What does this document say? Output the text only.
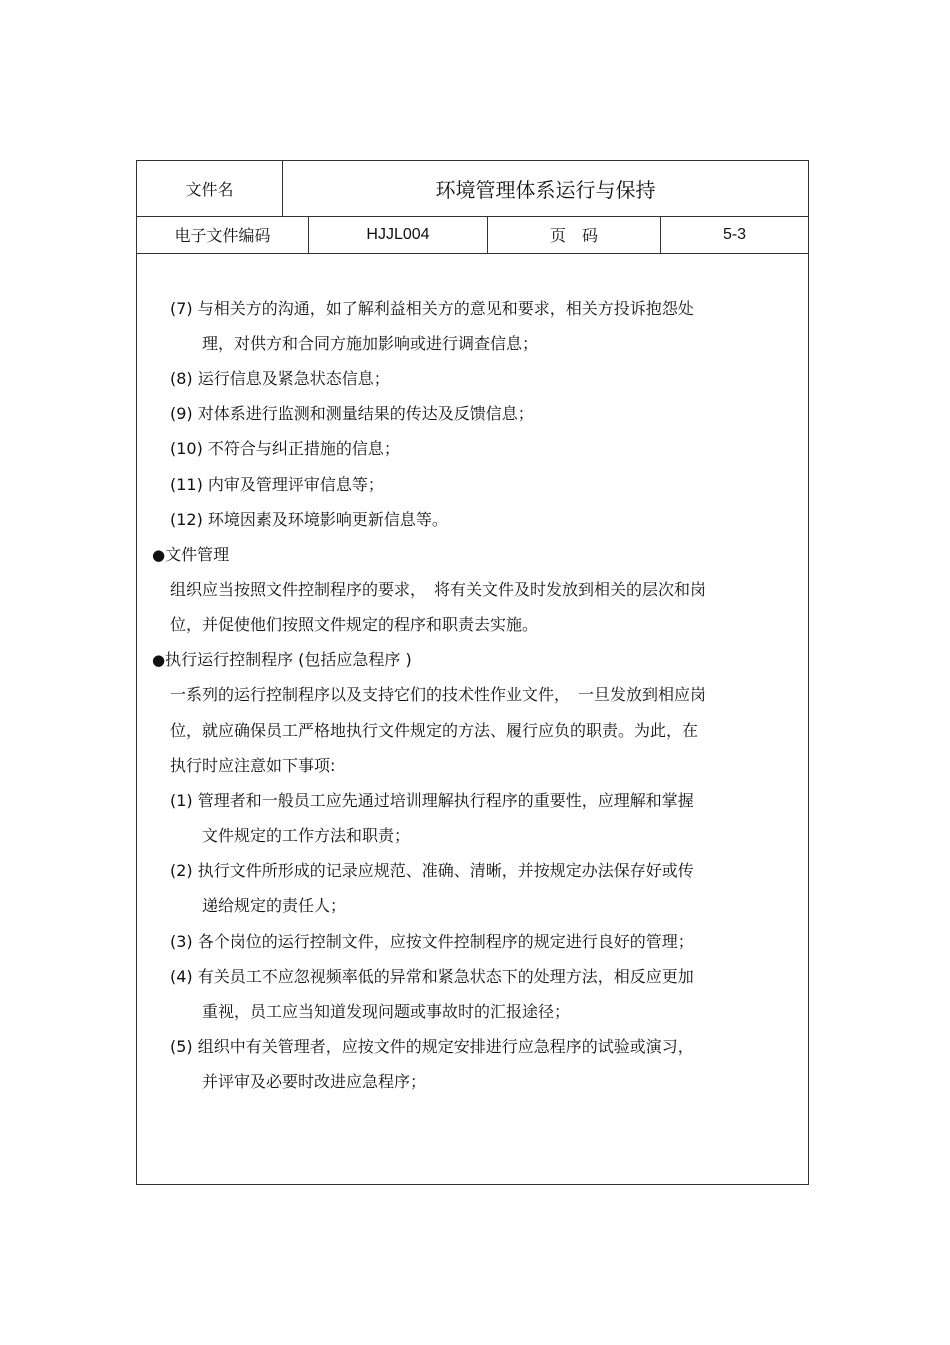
文件名	环境管理体系运行与保持
电子文件编码	HJJL004	页　码	5-3
(7) 与相关方的沟通，如了解利益相关方的意见和要求，相关方投诉抱怨处
理，对供方和合同方施加影响或进行调查信息；
(8) 运行信息及紧急状态信息；
(9) 对体系进行监测和测量结果的传达及反馈信息；
(10) 不符合与纠正措施的信息；
(11) 内审及管理评审信息等；
(12) 环境因素及环境影响更新信息等。
●文件管理
组织应当按照文件控制程序的要求，　将有关文件及时发放到相关的层次和岗
位，并促使他们按照文件规定的程序和职责去实施。
●执行运行控制程序 (包括应急程序 )
一系列的运行控制程序以及支持它们的技术性作业文件，　一旦发放到相应岗
位，就应确保员工严格地执行文件规定的方法、履行应负的职责。为此，在
执行时应注意如下事项:
(1) 管理者和一般员工应先通过培训理解执行程序的重要性，应理解和掌握
文件规定的工作方法和职责；
(2) 执行文件所形成的记录应规范、准确、清晰，并按规定办法保存好或传
递给规定的责任人；
(3) 各个岗位的运行控制文件，应按文件控制程序的规定进行良好的管理；
(4) 有关员工不应忽视频率低的异常和紧急状态下的处理方法，相反应更加
重视，员工应当知道发现问题或事故时的汇报途径；
(5) 组织中有关管理者，应按文件的规定安排进行应急程序的试验或演习，
并评审及必要时改进应急程序；
